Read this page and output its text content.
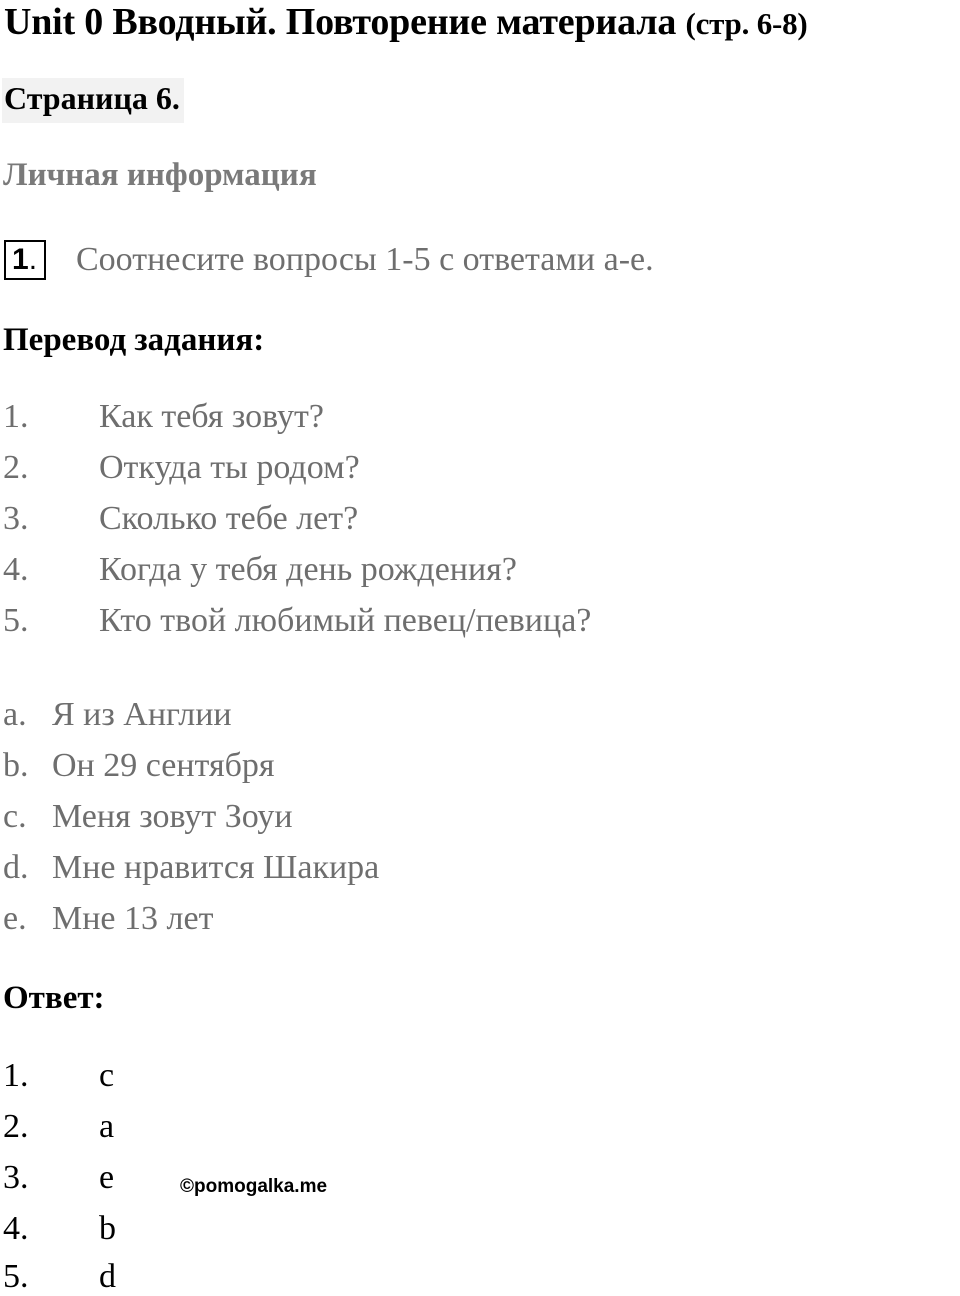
Unit 0 Вводный. Повторение материала (стр. 6-8)
Страница 6.
Личная информация
1. Соотнесите вопросы 1-5 с ответами a-e.
Перевод задания:
1. Как тебя зовут?
2. Откуда ты родом?
3. Сколько тебе лет?
4. Когда у тебя день рождения?
5. Кто твой любимый певец/певица?
a. Я из Англии
b. Он 29 сентября
c. Меня зовут Зоуи
d. Мне нравится Шакира
e. Мне 13 лет
Ответ:
1. c
2. a
3. e
4. b
5. d
©pomogalka.me
